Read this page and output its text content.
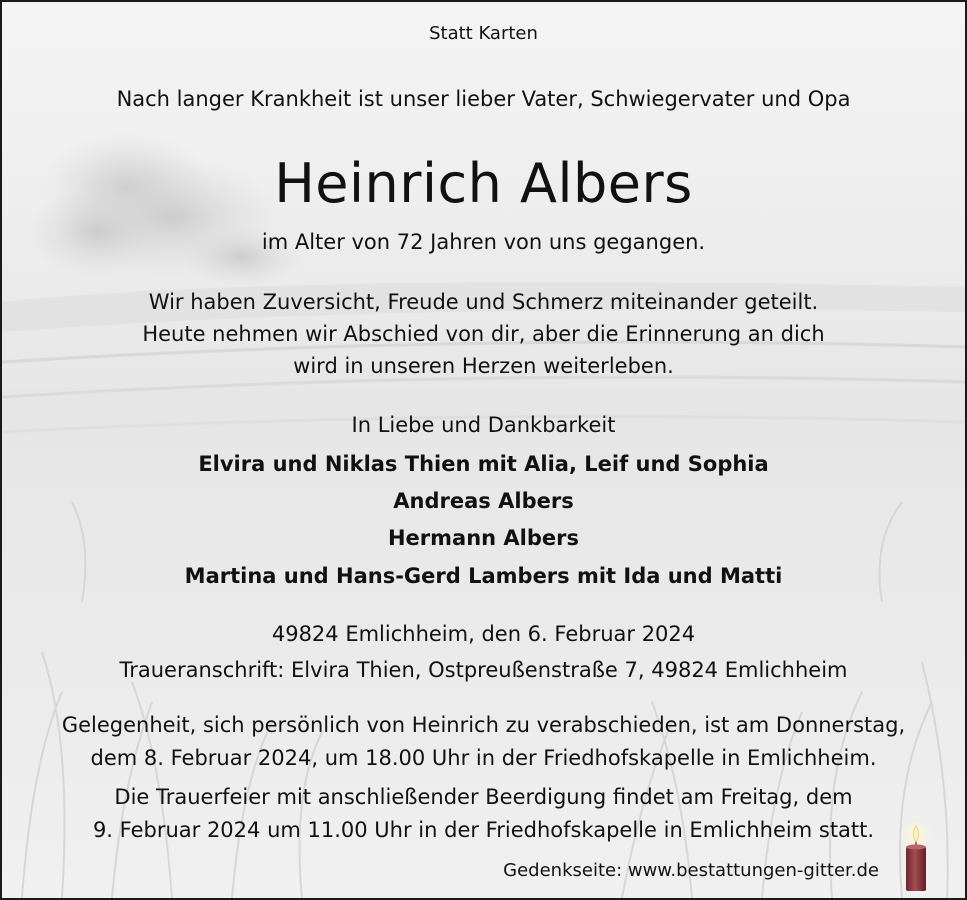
Statt Karten
Nach langer Krankheit ist unser lieber Vater, Schwiegervater und Opa
Heinrich Albers
im Alter von 72 Jahren von uns gegangen.
Wir haben Zuversicht, Freude und Schmerz miteinander geteilt.
Heute nehmen wir Abschied von dir, aber die Erinnerung an dich
wird in unseren Herzen weiterleben.
In Liebe und Dankbarkeit
Elvira und Niklas Thien mit Alia, Leif und Sophia
Andreas Albers
Hermann Albers
Martina und Hans-Gerd Lambers mit Ida und Matti
49824 Emlichheim, den 6. Februar 2024
Traueranschrift: Elvira Thien, Ostpreußenstraße 7, 49824 Emlichheim
Gelegenheit, sich persönlich von Heinrich zu verabschieden, ist am Donnerstag,
dem 8. Februar 2024, um 18.00 Uhr in der Friedhofskapelle in Emlichheim.
Die Trauerfeier mit anschließender Beerdigung findet am Freitag, dem
9. Februar 2024 um 11.00 Uhr in der Friedhofskapelle in Emlichheim statt.
Gedenkseite: www.bestattungen-gitter.de
